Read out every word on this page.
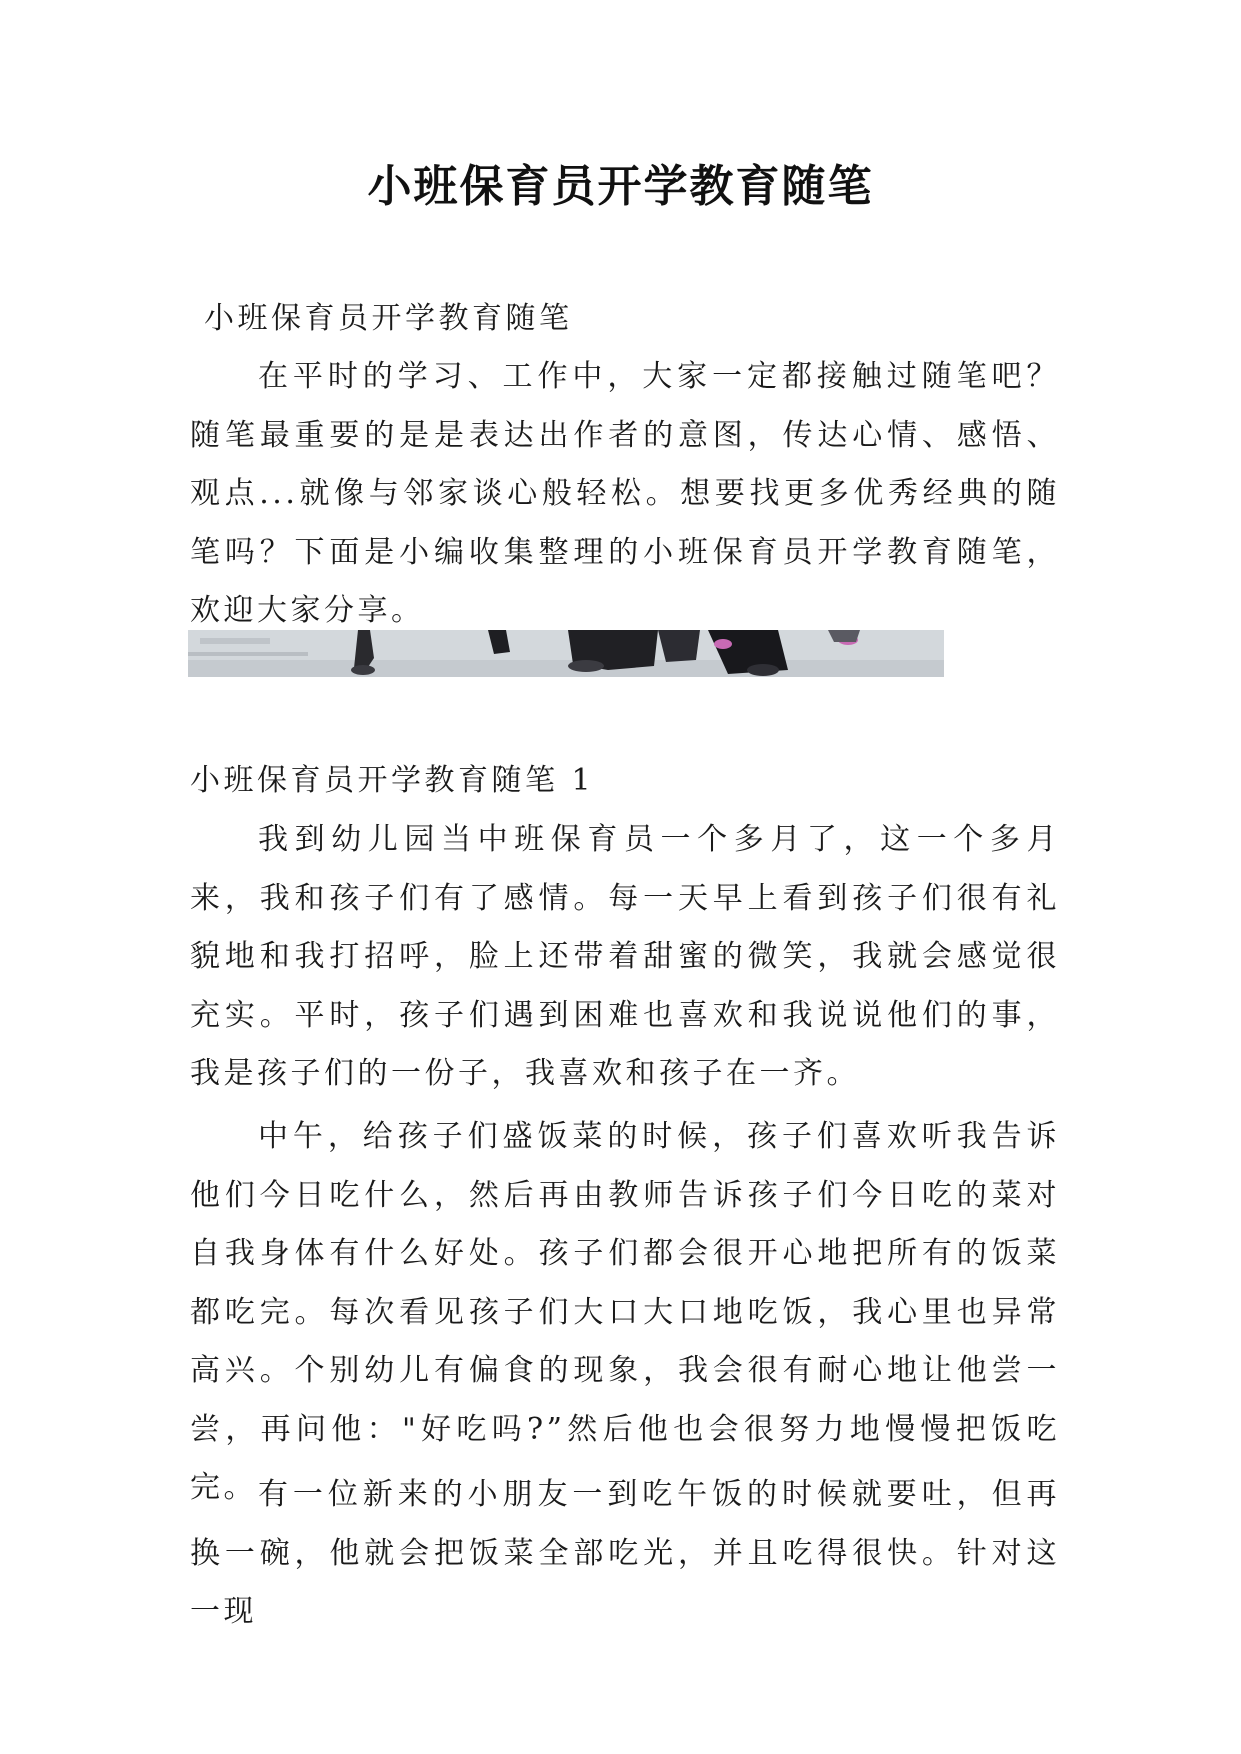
小班保育员开学教育随笔
小班保育员开学教育随笔

在平时的学习、工作中，大家一定都接触过随笔吧？随笔最重要的是是表达出作者的意图，传达心情、感悟、观点...就像与邻家谈心般轻松。想要找更多优秀经典的随笔吗？下面是小编收集整理的小班保育员开学教育随笔，欢迎大家分享。

小班保育员开学教育随笔 1

我到幼儿园当中班保育员一个多月了，这一个多月来，我和孩子们有了感情。每一天早上看到孩子们很有礼貌地和我打招呼，脸上还带着甜蜜的微笑，我就会感觉很充实。平时，孩子们遇到困难也喜欢和我说说他们的事，我是孩子们的一份子，我喜欢和孩子在一齐。

中午，给孩子们盛饭菜的时候，孩子们喜欢听我告诉他们今日吃什么，然后再由教师告诉孩子们今日吃的菜对自我身体有什么好处。孩子们都会很开心地把所有的饭菜都吃完。每次看见孩子们大口大口地吃饭，我心里也异常高兴。个别幼儿有偏食的现象，我会很有耐心地让他尝一尝，再问他："好吃吗?”然后他也会很努力地慢慢把饭吃完。 有一位新来的小朋友一到吃午饭的时候就要吐，但再换一碗，他就会把饭菜全部吃光，并且吃得很快。针对这一现
